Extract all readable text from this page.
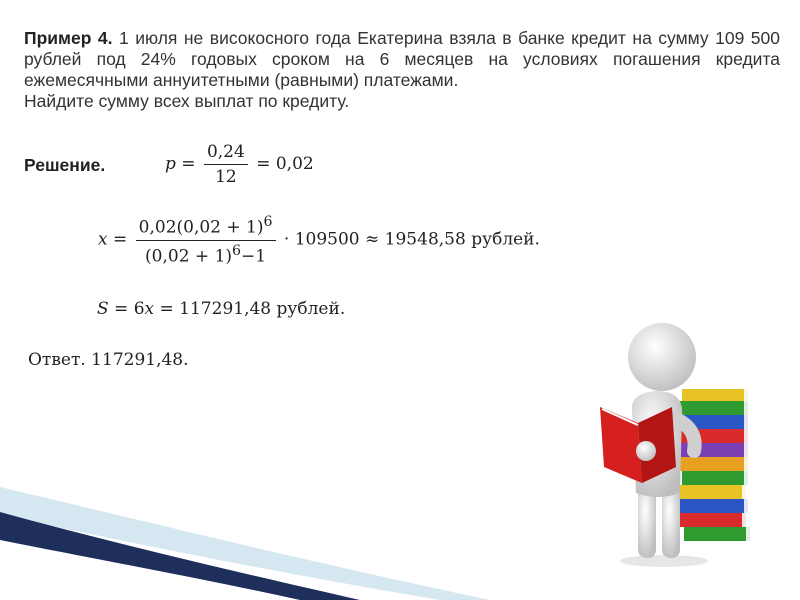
Пример 4. 1 июля не високосного года Екатерина взяла в банке кредит на сумму 109 500 рублей под 24% годовых сроком на 6 месяцев на условиях погашения кредита ежемесячными аннуитетными (равными) платежами.
Найдите сумму всех выплат по кредиту.
Решение.	$p = \frac{0,24}{12} = 0,02$
$x = \frac{0,02(0,02 + 1)^6}{(0,02 + 1)^6-1} \cdot 109500 \approx 19548,58$ рублей.
S = 6x = 117291,48 рублей.
Ответ. 117291,48.
